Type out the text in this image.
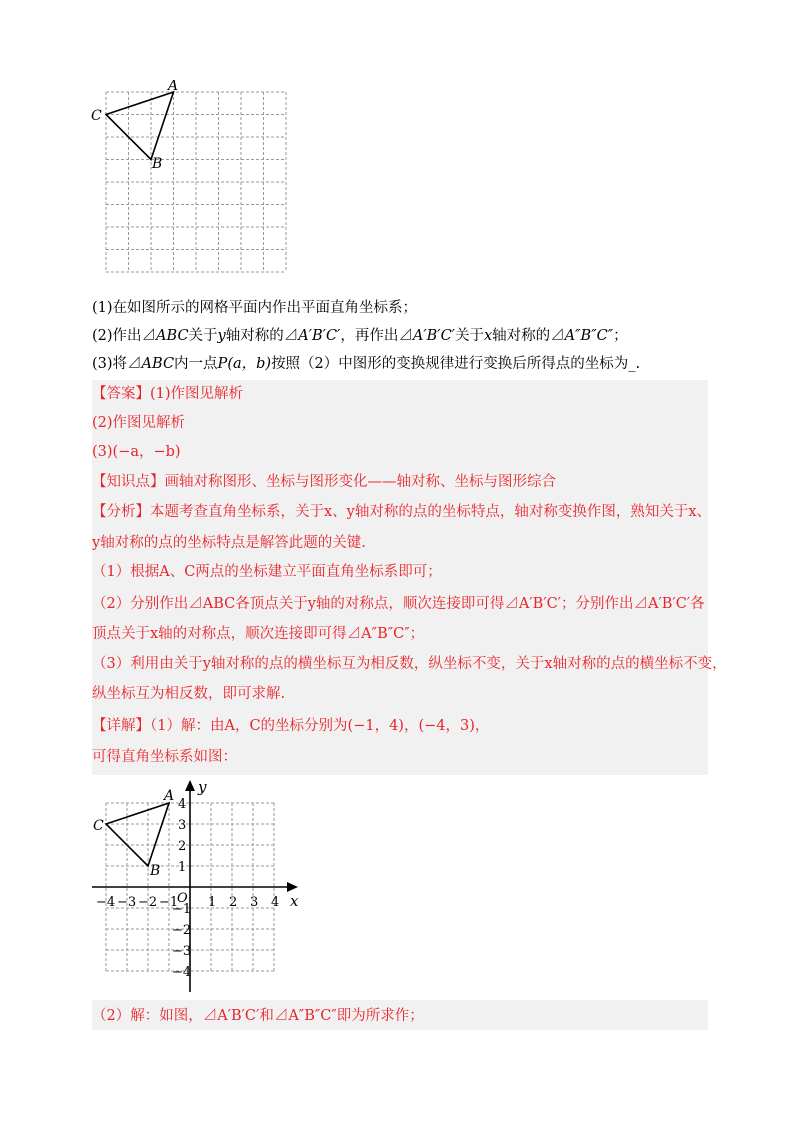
A
B
C
(1)在如图所示的网格平面内作出平面直角坐标系；
(2)作出⊿ABC关于y轴对称的⊿A′B′C′，再作出⊿A′B′C′关于x轴对称的⊿A″B″C″；
(3)将⊿ABC内一点P(a，b)按照（2）中图形的变换规律进行变换后所得点的坐标为_.
【答案】(1)作图见解析
(2)作图见解析
(3)(−a，−b)
【知识点】画轴对称图形、坐标与图形变化——轴对称、坐标与图形综合
【分析】本题考查直角坐标系，关于x、y轴对称的点的坐标特点，轴对称变换作图，熟知关于x、
y轴对称的点的坐标特点是解答此题的关键.
（1）根据A、C两点的坐标建立平面直角坐标系即可；
（2）分别作出⊿ABC各顶点关于y轴的对称点，顺次连接即可得⊿A′B′C′；分别作出⊿A′B′C′各
顶点关于x轴的对称点，顺次连接即可得⊿A″B″C″；
（3）利用由关于y轴对称的点的横坐标互为相反数，纵坐标不变，关于x轴对称的点的横坐标不变，
纵坐标互为相反数，即可求解.
【详解】（1）解：由A，C的坐标分别为(−1，4)，(−4，3)，
可得直角坐标系如图：
x
y
O
−4 −3 −2 −1 1 2 3 4
4
3
2
1
−1
−2
−3
−4
A
B
C
（2）解：如图，⊿A′B′C′和⊿A″B″C″即为所求作；
